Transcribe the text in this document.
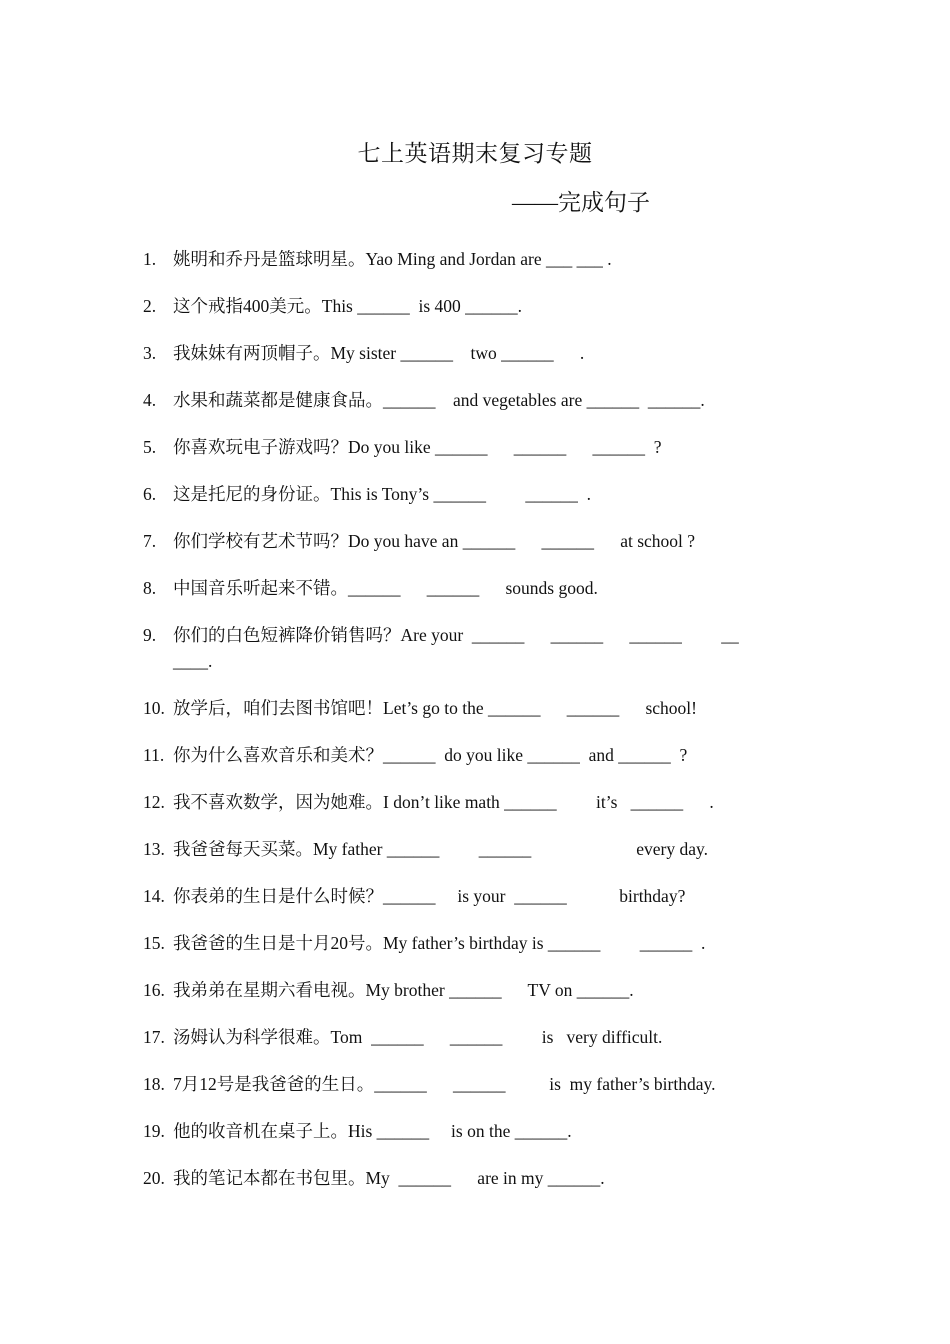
七上英语期末复习专题
——完成句子
1. 姚明和乔丹是篮球明星。Yao Ming and Jordan are ___ ___ .
2. 这个戒指400美元。This ______  is 400 ______.
3. 我妹妹有两顶帽子。My sister ______    two ______      .
4. 水果和蔬菜都是健康食品。______    and vegetables are ______  ______.
5. 你喜欢玩电子游戏吗？Do you like ______      ______      ______  ?
6. 这是托尼的身份证。This is Tony’s ______         ______  .
7. 你们学校有艺术节吗？Do you have an ______      ______      at school ?
8. 中国音乐听起来不错。______      ______      sounds good.
9. 你们的白色短裤降价销售吗？Are your  ______      ______      ______         __
____.
10. 放学后，咱们去图书馆吧！Let’s go to the ______      ______      school!
11. 你为什么喜欢音乐和美术？______  do you like ______  and ______  ?
12. 我不喜欢数学，因为她难。I don’t like math ______         it’s   ______      .
13. 我爸爸每天买菜。My father ______         ______                        every day.
14. 你表弟的生日是什么时候？______     is your  ______            birthday?
15. 我爸爸的生日是十月20号。My father’s birthday is ______         ______  .
16. 我弟弟在星期六看电视。My brother ______      TV on ______.
17. 汤姆认为科学很难。Tom  ______      ______         is   very difficult.
18. 7月12号是我爸爸的生日。______      ______          is  my father’s birthday.
19. 他的收音机在桌子上。His ______     is on the ______.
20. 我的笔记本都在书包里。My  ______      are in my ______.
